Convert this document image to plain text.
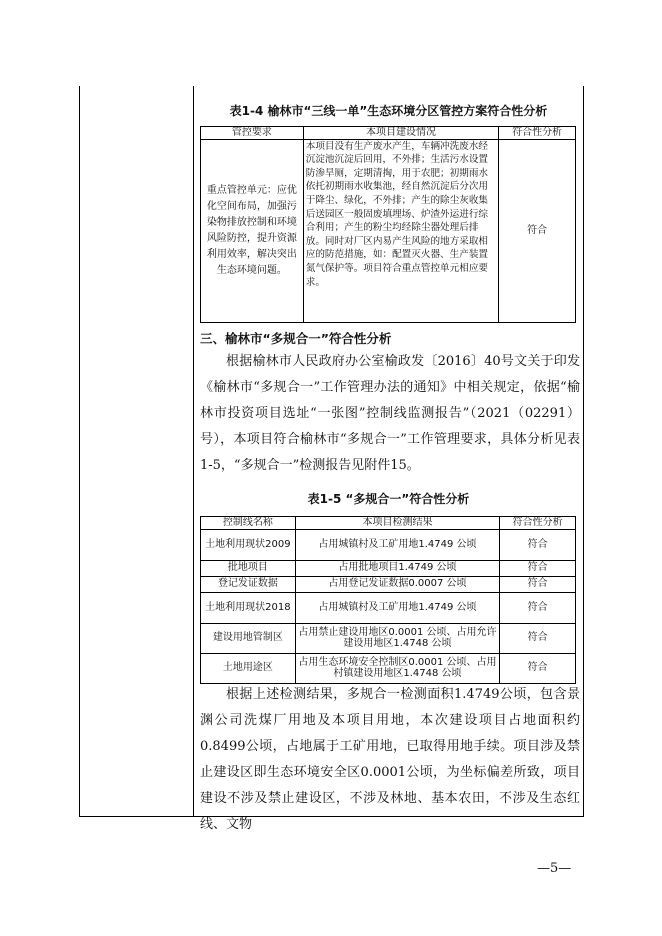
表1-4 榆林市“三线一单”生态环境分区管控方案符合性分析
管控要求	本项目建设情况	符合性分析
重点管控单元：应优化空间布局，加强污染物排放控制和环境风险防控，提升资源利用效率，解决突出生态环境问题。	本项目没有生产废水产生，车辆冲洗废水经沉淀池沉淀后回用，不外排；生活污水设置防渗旱厕，定期清掏，用于农肥；初期雨水依托初期雨水收集池，经自然沉淀后分次用于降尘、绿化，不外排；产生的除尘灰收集后送园区一般固废填埋场、炉渣外运进行综合利用；产生的粉尘均经除尘器处理后排放。同时对厂区内易产生风险的地方采取相应的防范措施，如：配置灭火器、生产装置氮气保护等。项目符合重点管控单元相应要求。	符合
三、榆林市“多规合一”符合性分析
根据榆林市人民政府办公室榆政发〔2016〕40号文关于印发《榆林市“多规合一”工作管理办法的通知》中相关规定，依据“榆林市投资项目选址“一张图”控制线监测报告”（2021（02291）号），本项目符合榆林市“多规合一”工作管理要求，具体分析见表1-5，“多规合一”检测报告见附件15。
表1-5 “多规合一”符合性分析
控制线名称	本项目检测结果	符合性分析
土地利用现状2009	占用城镇村及工矿用地1.4749 公顷	符合
批地项目	占用批地项目1.4749 公顷	符合
登记发证数据	占用登记发证数据0.0007 公顷	符合
土地利用现状2018	占用城镇村及工矿用地1.4749 公顷	符合
建设用地管制区	占用禁止建设用地区0.0001 公顷、占用允许建设用地区1.4748 公顷	符合
土地用途区	占用生态环境安全控制区0.0001 公顷、占用村镇建设用地区1.4748 公顷	符合
根据上述检测结果，多规合一检测面积1.4749公顷，包含景渊公司洗煤厂用地及本项目用地，本次建设项目占地面积约0.8499公顷，占地属于工矿用地，已取得用地手续。项目涉及禁止建设区即生态环境安全区0.0001公顷，为坐标偏差所致，项目建设不涉及禁止建设区，不涉及林地、基本农田，不涉及生态红线、文物
—5—
